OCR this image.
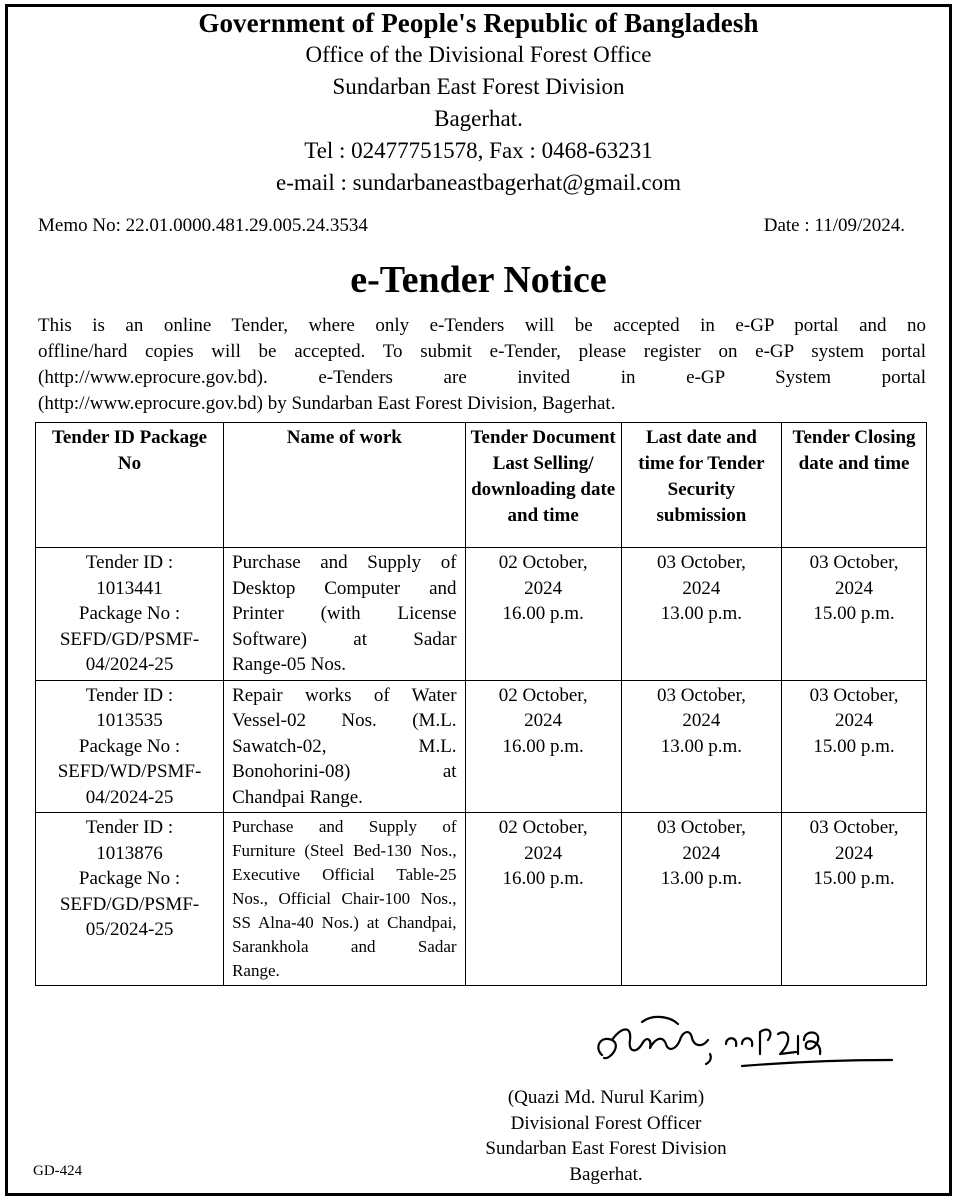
Government of People's Republic of Bangladesh
Office of the Divisional Forest Office
Sundarban East Forest Division
Bagerhat.
Tel : 02477751578, Fax : 0468-63231
e-mail : sundarbaneastbagerhat@gmail.com
Memo No: 22.01.0000.481.29.005.24.3534	Date : 11/09/2024.
e-Tender Notice
This is an online Tender, where only e-Tenders will be accepted in e-GP portal and no
offline/hard copies will be accepted. To submit e-Tender, please register on e-GP system portal
(http://www.eprocure.gov.bd). e-Tenders are invited in e-GP System portal
(http://www.eprocure.gov.bd) by Sundarban East Forest Division, Bagerhat.
Tender ID Package No	Name of work	Tender Document Last Selling/ downloading date and time	Last date and time for Tender Security submission	Tender Closing date and time

Tender ID :
1013441
Package No :
SEFD/GD/PSMF-
04/2024-25	Purchase and Supply of Desktop Computer and Printer (with License Software) at Sadar
Range-05 Nos.	02 October,
2024
16.00 p.m.	03 October,
2024
13.00 p.m.	03 October,
2024
15.00 p.m.

Tender ID :
1013535
Package No :
SEFD/WD/PSMF-
04/2024-25	Repair works of Water Vessel-02 Nos. (M.L. Sawatch-02, M.L. Bonohorini-08) at
Chandpai Range.	02 October,
2024
16.00 p.m.	03 October,
2024
13.00 p.m.	03 October,
2024
15.00 p.m.

Tender ID :
1013876
Package No :
SEFD/GD/PSMF-
05/2024-25	Purchase and Supply of Furniture (Steel Bed-130 Nos., Executive Official Table-25 Nos., Official Chair-100 Nos., SS Alna-40 Nos.) at Chandpai, Sarankhola and Sadar
Range.	02 October,
2024
16.00 p.m.	03 October,
2024
13.00 p.m.	03 October,
2024
15.00 p.m.
(Quazi Md. Nurul Karim)
Divisional Forest Officer
Sundarban East Forest Division
Bagerhat.
GD-424
